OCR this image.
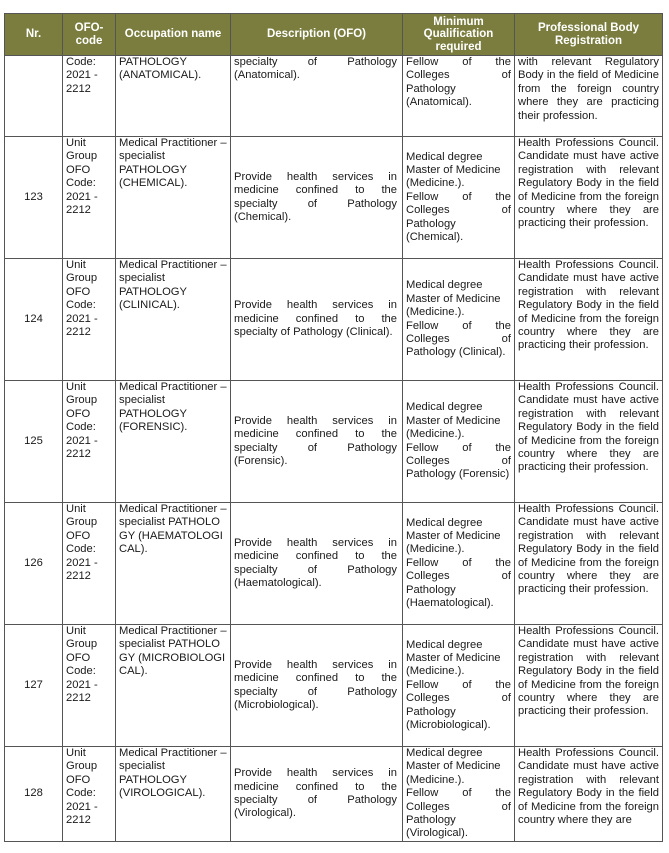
Nr.	OFO-code	Occupation name	Description (OFO)	Minimum Qualification required	Professional Body Registration
	Code: 2021 - 2212	PATHOLOGY (ANATOMICAL).	specialty of Pathology (Anatomical).	Fellow of the
Colleges of
Pathology (Anatomical).	with relevant Regulatory Body in the field of Medicine from the foreign country where they are practicing their profession.
123	Unit Group OFO Code: 2021 - 2212	Medical Practitioner – specialist PATHOLOGY (CHEMICAL).	Provide health services in medicine confined to the specialty of Pathology (Chemical).	Medical degree
Master of Medicine (Medicine.).
Fellow of the
Colleges of
Pathology (Chemical).	Health Professions Council. Candidate must have active registration with relevant Regulatory Body in the field of Medicine from the foreign country where they are practicing their profession.
124	Unit Group OFO Code: 2021 - 2212	Medical Practitioner – specialist PATHOLOGY (CLINICAL).	Provide health services in medicine confined to the specialty of Pathology (Clinical).	Medical degree
Master of Medicine (Medicine.).
Fellow of the
Colleges of
Pathology (Clinical).	Health Professions Council. Candidate must have active registration with relevant Regulatory Body in the field of Medicine from the foreign country where they are practicing their profession.
125	Unit Group OFO Code: 2021 - 2212	Medical Practitioner – specialist PATHOLOGY (FORENSIC).	Provide health services in medicine confined to the specialty of Pathology (Forensic).	Medical degree
Master of Medicine (Medicine.).
Fellow of the
Colleges of
Pathology (Forensic)	Health Professions Council. Candidate must have active registration with relevant Regulatory Body in the field of Medicine from the foreign country where they are practicing their profession.
126	Unit Group OFO Code: 2021 - 2212	Medical Practitioner – specialist PATHOLOGY (HAEMATOLOGICAL).	Provide health services in medicine confined to the specialty of Pathology (Haematological).	Medical degree
Master of Medicine (Medicine.).
Fellow of the
Colleges of
Pathology (Haematological).	Health Professions Council. Candidate must have active registration with relevant Regulatory Body in the field of Medicine from the foreign country where they are practicing their profession.
127	Unit Group OFO Code: 2021 - 2212	Medical Practitioner – specialist PATHOLOGY (MICROBIOLOGICAL).	Provide health services in medicine confined to the specialty of Pathology (Microbiological).	Medical degree
Master of Medicine (Medicine.).
Fellow of the
Colleges of
Pathology (Microbiological).	Health Professions Council. Candidate must have active registration with relevant Regulatory Body in the field of Medicine from the foreign country where they are practicing their profession.
128	Unit Group OFO Code: 2021 - 2212	Medical Practitioner – specialist PATHOLOGY (VIROLOGICAL).	Provide health services in medicine confined to the specialty of Pathology (Virological).	Medical degree
Master of Medicine (Medicine.).
Fellow of the
Colleges of
Pathology (Virological).	Health Professions Council. Candidate must have active registration with relevant Regulatory Body in the field of Medicine from the foreign country where they are
